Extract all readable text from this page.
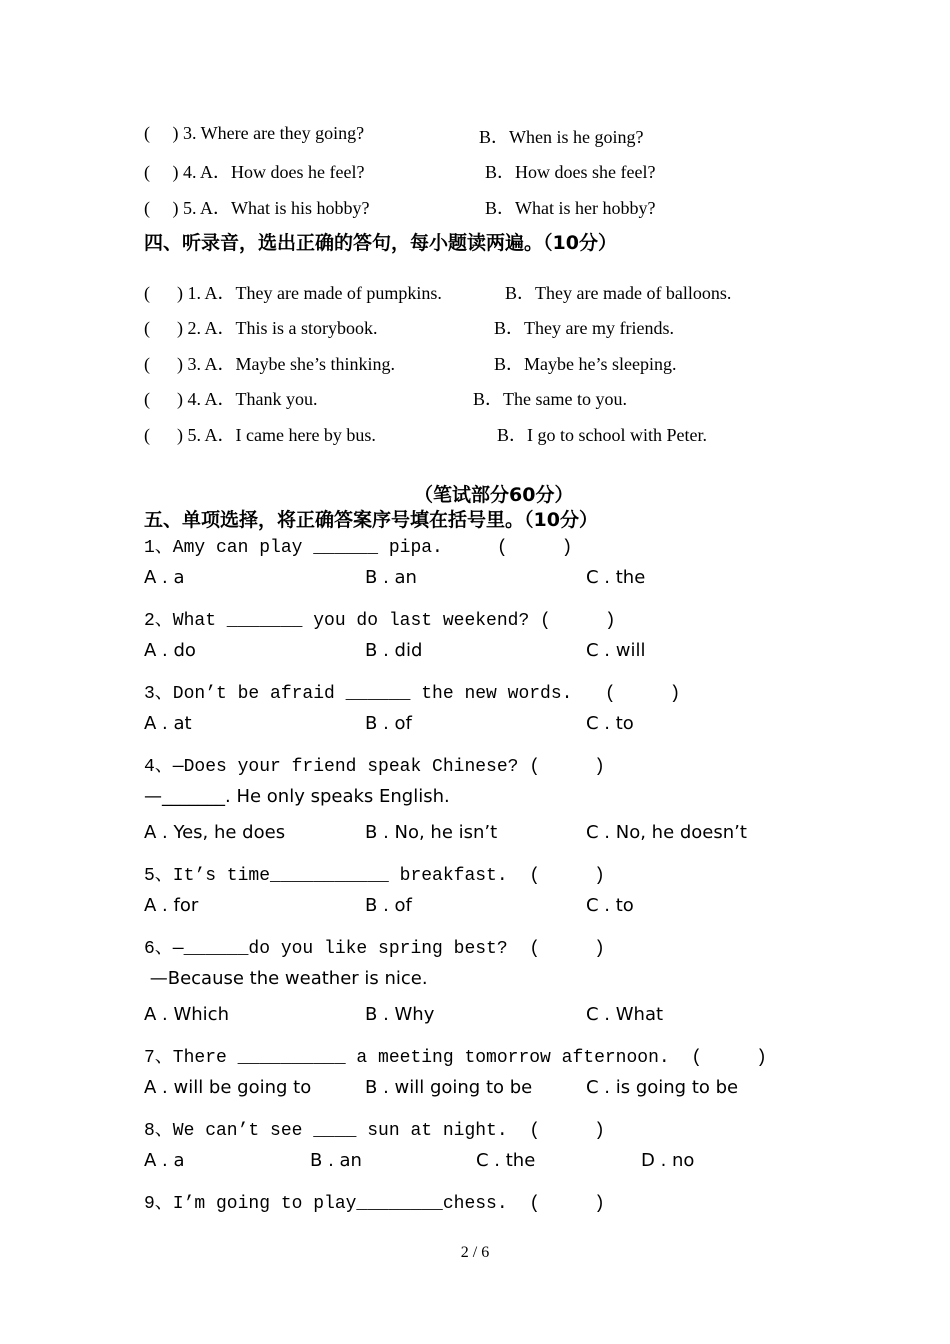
(     ) 3. Where are they going?	B．When is he going?
(     ) 4. A．How does he feel?	B．How does she feel?
(     ) 5. A．What is his hobby?	B．What is her hobby?
四、听录音，选出正确的答句，每小题读两遍。（10分）
(      ) 1. A．They are made of pumpkins.	B．They are made of balloons.
(      ) 2. A．This is a storybook.	B．They are my friends.
(      ) 3. A．Maybe she’s thinking.	B．Maybe he’s sleeping.
(      ) 4. A．Thank you.	B．The same to you.
(      ) 5. A．I came here by bus.	B．I go to school with Peter.
（笔试部分60分）
五、单项选择，将正确答案序号填在括号里。（10分）
1、Amy can play ______ pipa.     (     )
A . a	B . an	C . the
2、What _______ you do last weekend? (     )
A . do	B . did	C . will
3、Don’t be afraid ______ the new words.   (     )
A . at	B . of	C . to
4、—Does your friend speak Chinese? (     )
—_______. He only speaks English.
A . Yes, he does	B . No, he isn’t	C . No, he doesn’t
5、It’s time___________ breakfast.  (     )
A . for	B . of	C . to
6、—______do you like spring best?  (     )
—Because the weather is nice.
A . Which	B . Why	C . What
7、There __________ a meeting tomorrow afternoon.  (     )
A . will be going to	B . will going to be	C . is going to be
8、We can’t see ____ sun at night.  (     )
A . a	B . an	C . the	D . no
9、I’m going to play________chess.  (     )
2 / 6
